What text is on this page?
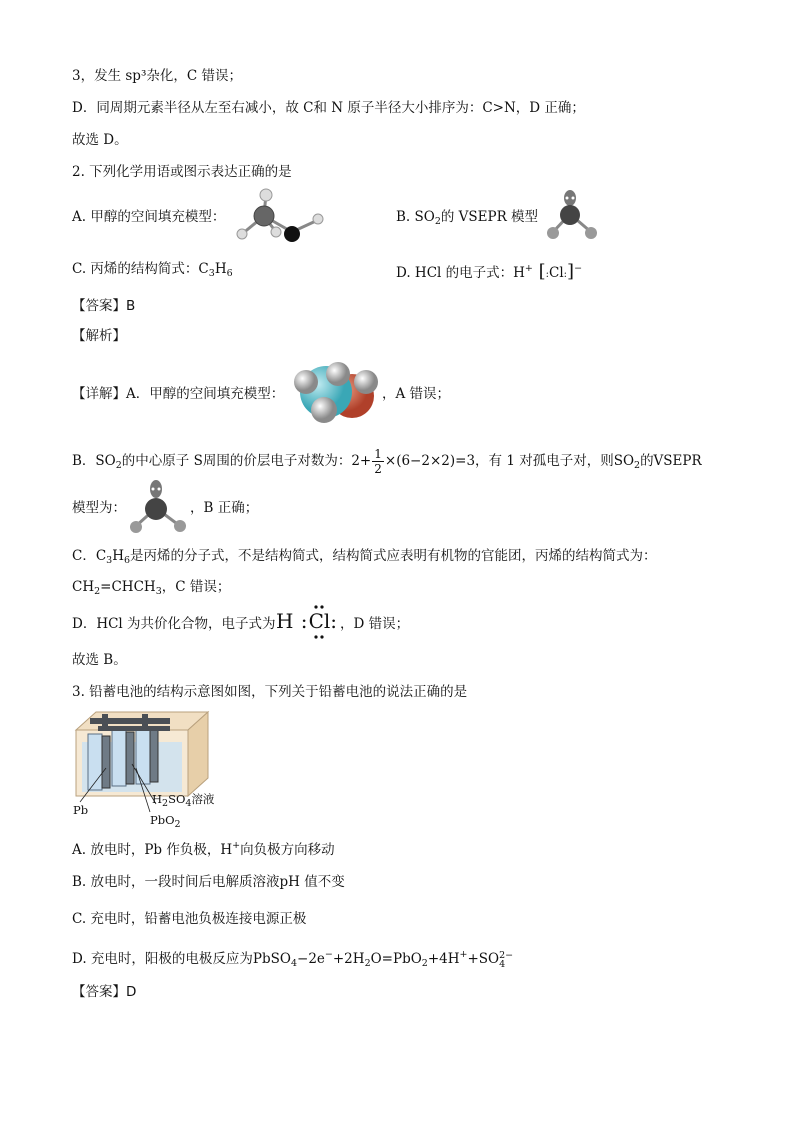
3，发生 sp³杂化，C 错误；
D．同周期元素半径从左至右减小，故 C和 N 原子半径大小排序为：C>N，D 正确；
故选 D。
2. 下列化学用语或图示表达正确的是
A. 甲醇的空间填充模型：	B. $SO_2$的 VSEPR 模型
C. 丙烯的结构简式：$C_3H_6$	D. HCl 的电子式：H+ [:Cl:]−
【答案】B
【解析】
【详解】A．甲醇的空间填充模型：	，A 错误；
B．$SO_2$的中心原子 S周围的价层电子对数为：$2+ \frac{1}{2} \times(6-2\times 2)=3$，有 1 对孤电子对，则$SO_2$的VSEPR
模型为：	，B 正确；
C．$C_3H_6$是丙烯的分子式，不是结构简式，结构简式应表明有机物的官能团，丙烯的结构简式为：
$CH_2=CHCH_3$，C 错误；
D．HCl 为共价化合物，电子式为 H :Cl: ，D 错误；
故选 B。
3. 铅蓄电池的结构示意图如图，下列关于铅蓄电池的说法正确的是
Pb
$H_2SO_4$溶液
PbO$_2$
A. 放电时，Pb 作负极，H+向负极方向移动
B. 放电时，一段时间后电解质溶液pH 值不变
C. 充电时，铅蓄电池负极连接电源正极
D. 充电时，阳极的电极反应为$PbSO_4-2e^-+2H_2O=PbO_2+4H^++SO$ 2−
4
【答案】D
